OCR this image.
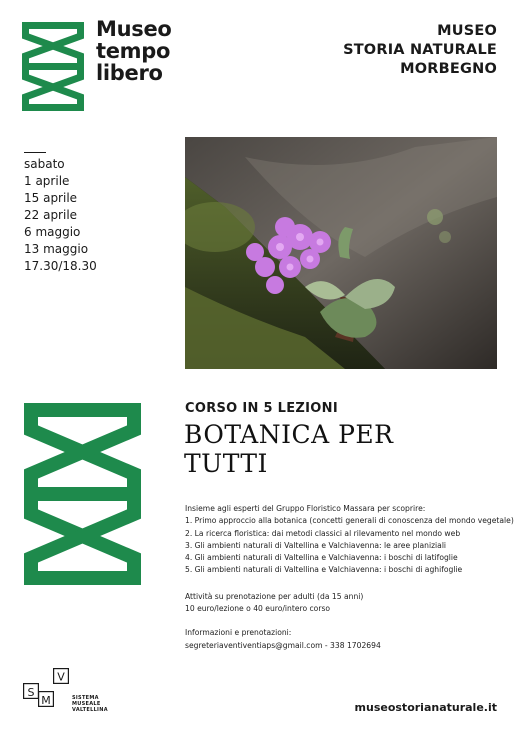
Museo
tempo
libero
MUSEO
STORIA NATURALE
MORBEGNO
sabato
1 aprile
15 aprile
22 aprile
6 maggio
13 maggio
17.30/18.30
CORSO IN 5 LEZIONI
BOTANICA PER
TUTTI

Insieme agli esperti del Gruppo Floristico Massara per scoprire:

1. Primo approccio alla botanica (concetti generali di conoscenza del mondo vegetale)

2. La ricerca floristica: dai metodi classici al rilevamento nel mondo web

3. Gli ambienti naturali di Valtellina e Valchiavenna: le aree planiziali

4. Gli ambienti naturali di Valtellina e Valchiavenna: i boschi di latifoglie

5. Gli ambienti naturali di Valtellina e Valchiavenna: i boschi di aghifoglie

Attività su prenotazione per adulti (da 15 anni)

10 euro/lezione o 40 euro/intero corso

Informazioni e prenotazioni:

segreteriaventiventiaps@gmail.com - 338 1702694

S
M
V
SISTEMA
MUSEALE
VALTELLINA	museostorianaturale.it
